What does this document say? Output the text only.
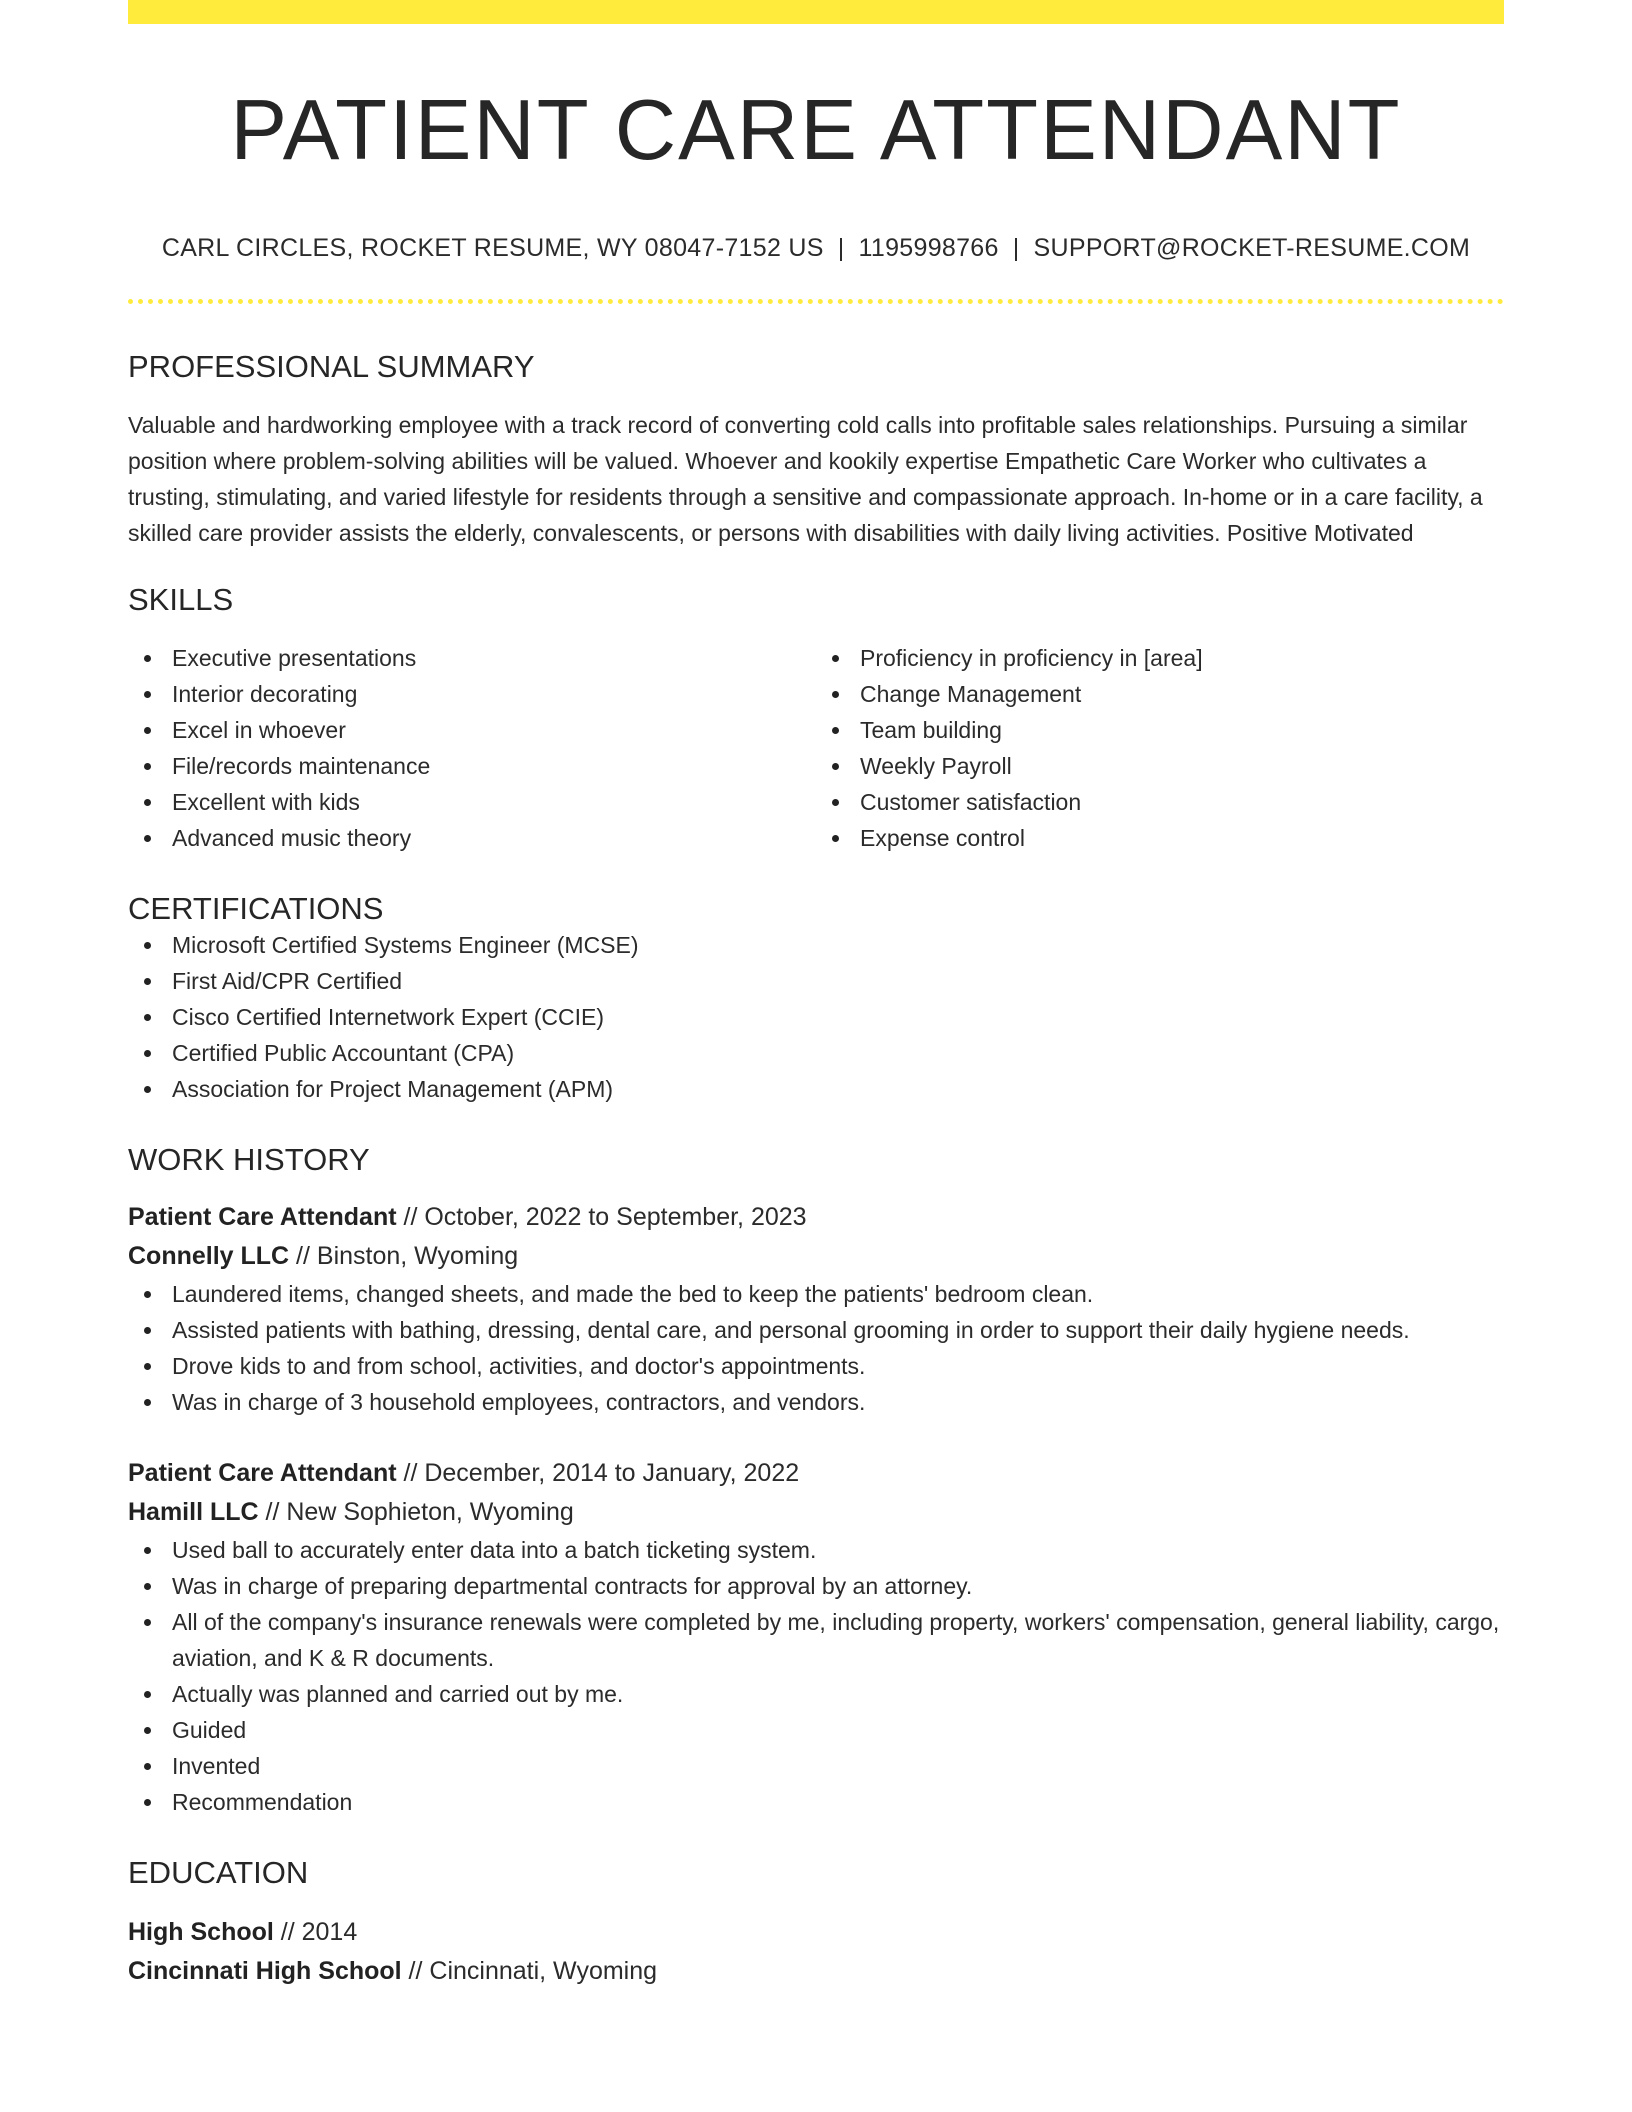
PATIENT CARE ATTENDANT
CARL CIRCLES, ROCKET RESUME, WY 08047-7152 US | 1195998766 | SUPPORT@ROCKET-RESUME.COM
PROFESSIONAL SUMMARY

Valuable and hardworking employee with a track record of converting cold calls into profitable sales relationships. Pursuing a similar position where problem-solving abilities will be valued. Whoever and kookily expertise Empathetic Care Worker who cultivates a trusting, stimulating, and varied lifestyle for residents through a sensitive and compassionate approach. In-home or in a care facility, a skilled care provider assists the elderly, convalescents, or persons with disabilities with daily living activities. Positive Motivated

SKILLS
Executive presentations
Interior decorating
Excel in whoever
File/records maintenance
Excellent with kids
Advanced music theory
Proficiency in proficiency in [area]
Change Management
Team building
Weekly Payroll
Customer satisfaction
Expense control
CERTIFICATIONS
Microsoft Certified Systems Engineer (MCSE)
First Aid/CPR Certified
Cisco Certified Internetwork Expert (CCIE)
Certified Public Accountant (CPA)
Association for Project Management (APM)
WORK HISTORY
Patient Care Attendant // October, 2022 to September, 2023
Connelly LLC // Binston, Wyoming
Laundered items, changed sheets, and made the bed to keep the patients' bedroom clean.
Assisted patients with bathing, dressing, dental care, and personal grooming in order to support their daily hygiene needs.
Drove kids to and from school, activities, and doctor's appointments.
Was in charge of 3 household employees, contractors, and vendors.
Patient Care Attendant // December, 2014 to January, 2022
Hamill LLC // New Sophieton, Wyoming
Used ball to accurately enter data into a batch ticketing system.
Was in charge of preparing departmental contracts for approval by an attorney.
All of the company's insurance renewals were completed by me, including property, workers' compensation, general liability, cargo, aviation, and K & R documents.
Actually was planned and carried out by me.
Guided
Invented
Recommendation
EDUCATION
High School // 2014
Cincinnati High School // Cincinnati, Wyoming
